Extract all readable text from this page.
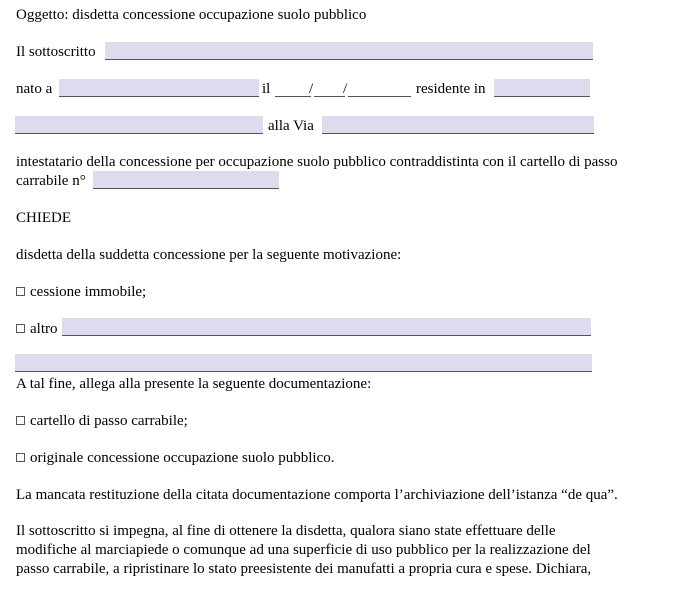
Oggetto: disdetta concessione occupazione suolo pubblico
Il sottoscritto
nato a	il	/ /	residente in
alla Via
intestatario della concessione per occupazione suolo pubblico contraddistinta con il cartello di passo
carrabile n°
CHIEDE
disdetta della suddetta concessione per la seguente motivazione:
cessione immobile;
altro
A tal fine, allega alla presente la seguente documentazione:
cartello di passo carrabile;
originale concessione occupazione suolo pubblico.
La mancata restituzione della citata documentazione comporta l’archiviazione dell’istanza “de qua”.
Il sottoscritto si impegna, al fine di ottenere la disdetta, qualora siano state effettuare delle
modifiche al marciapiede o comunque ad una superficie di uso pubblico per la realizzazione del
passo carrabile, a ripristinare lo stato preesistente dei manufatti a propria cura e spese. Dichiara,
